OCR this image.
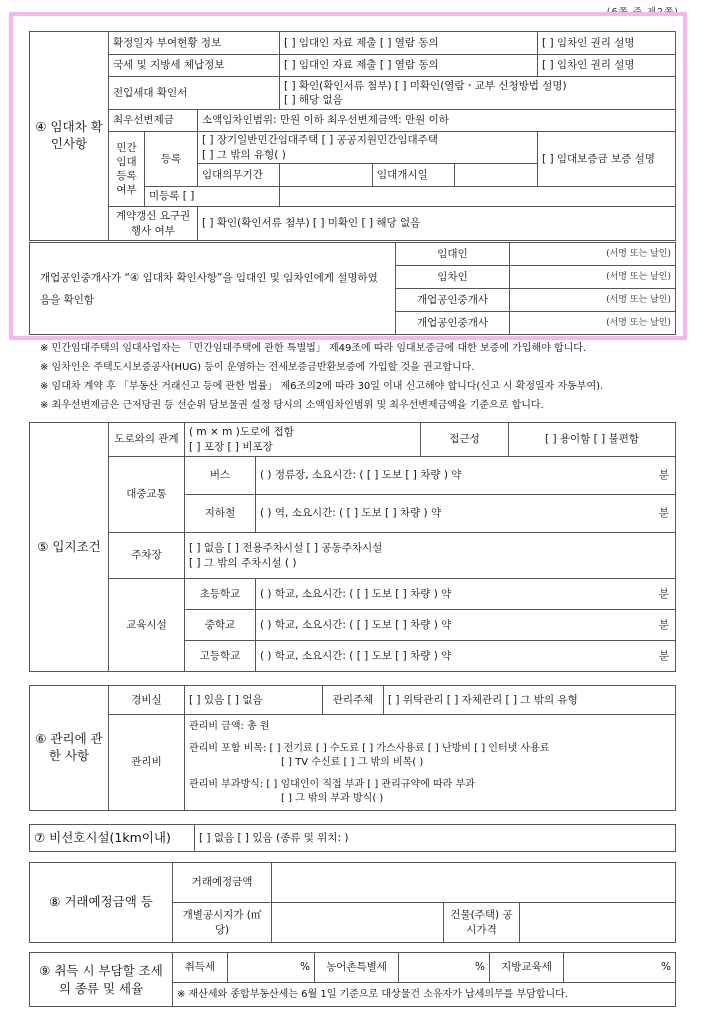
④ 임대차 확인사항	확정일자 부여현황 정보			[ ] 임대인 자료 제출 [ ] 열람 동의		[ ] 임차인 권리 설명
	국세 및 지방세 체납정보			[ ] 임대인 자료 제출 [ ] 열람 동의		[ ] 임차인 권리 설명
	전입세대 확인서			[ ] 확인(확인서류 첨부) [ ] 미확인(열람ㆍ교부 신청방법 설명)
[ ] 해당 없음		

	최우선변제금		소액임차인범위: 만원 이하 최우선변제금액: 만원 이하			
	민간 임대 등록 여부	등록	[ ] 장기일반민간임대주택 [ ] 공공지원민간임대주택
[ ] 그 밖의 유형( )			[ ] 임대보증금 보증 설명
			임대의무기간		임대개시일	
		미등록 [ ]				
	계약갱신 요구권 행사 여부		[ ] 확인(확인서류 첨부) [ ] 미확인 [ ] 해당 없음			
개업공인중개사가 “④ 임대차 확인사항”을 임대인 및 임차인에게 설명하였음을 확인함	임대인	(서명 또는 날인)
	임차인	(서명 또는 날인)
	개업공인중개사	(서명 또는 날인)
	개업공인중개사	(서명 또는 날인)
※ 민간임대주택의 임대사업자는 「민간임대주택에 관한 특별법」 제49조에 따라 임대보증금에 대한 보증에 가입해야 합니다.
※ 임차인은 주택도시보증공사(HUG) 등이 운영하는 전세보증금반환보증에 가입할 것을 권고합니다.
※ 임대차 계약 후 「부동산 거래신고 등에 관한 법률」 제6조의2에 따라 30일 이내 신고해야 합니다(신고 시 확정일자 자동부여).
※ 최우선변제금은 근저당권 등 선순위 담보물권 설정 당시의 소액임차인범위 및 최우선변제금액을 기준으로 합니다.
⑤ 입지조건	도로와의 관계	( m × m )도로에 접함
[ ] 포장 [ ] 비포장		접근성	[ ] 용이함 [ ] 불편함
	대중교통	버스	( ) 정류장, 소요시간: ( [ ] 도보 [ ] 차량 ) 약 분		

		지하철	( ) 역, 소요시간: ( [ ] 도보 [ ] 차량 ) 약 분		

	주차장	[ ] 없음 [ ] 전용주차시설 [ ] 공동주차시설
[ ] 그 밖의 주차시설 ( )			

	교육시설	초등학교	( ) 학교, 소요시간: ( [ ] 도보 [ ] 차량 ) 약 분		

		중학교	( ) 학교, 소요시간: ( [ ] 도보 [ ] 차량 ) 약 분		

		고등학교	( ) 학교, 소요시간: ( [ ] 도보 [ ] 차량 ) 약 분		
⑥ 관리에 관한 사항	경비실	[ ] 있음 [ ] 없음	관리주체	[ ] 위탁관리 [ ] 자체관리 [ ] 그 밖의 유형
	관리비	관리비 금액: 총 원
관리비 포함 비목: [ ] 전기료 [ ] 수도료 [ ] 가스사용료 [ ] 난방비 [ ] 인터넷 사용료
[ ] TV 수신료 [ ] 그 밖의 비목( )
관리비 부과방식: [ ] 임대인이 직접 부과 [ ] 관리규약에 따라 부과
[ ] 그 밖의 부과 방식( )		
⑦ 비선호시설(1km이내)	[ ] 없음 [ ] 있음 (종류 및 위치: )
⑧ 거래예정금액 등	거래예정금액			
	개별공시지가 (㎡당)		건물(주택) 공시가격	
⑨ 취득 시 부담할 조세의 종류 및 세율	취득세	%	농어촌특별세	%	지방교육세	%
※ 재산세와 종합부동산세는 6월 1일 기준으로 대상물건 소유자가 납세의무를 부담합니다.
